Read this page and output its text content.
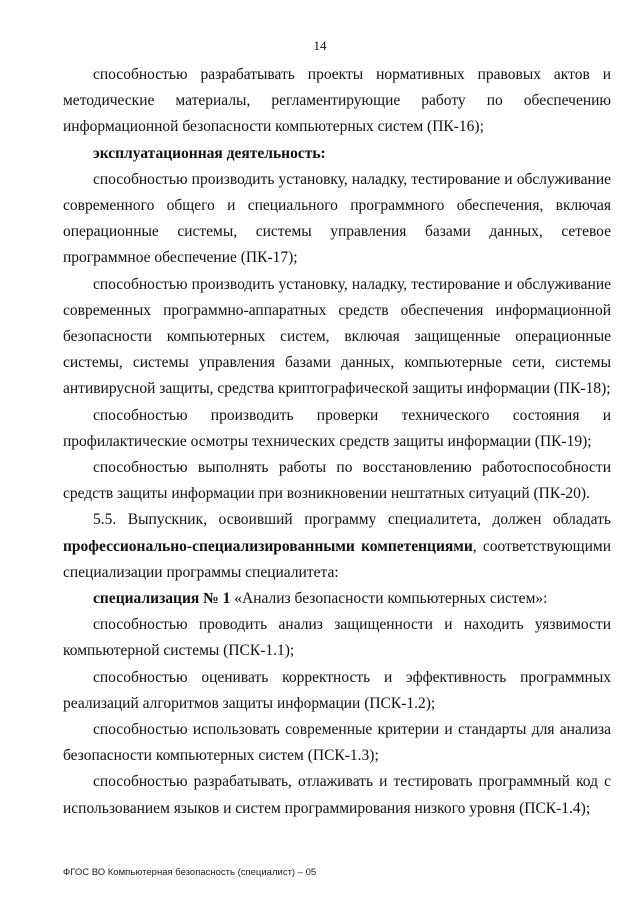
14

способностью разрабатывать проекты нормативных правовых актов и методические материалы, регламентирующие работу по обеспечению информационной безопасности компьютерных систем (ПК-16);

эксплуатационная деятельность:

способностью производить установку, наладку, тестирование и обслуживание современного общего и специального программного обеспечения, включая операционные системы, системы управления базами данных, сетевое программное обеспечение (ПК-17);

способностью производить установку, наладку, тестирование и обслуживание современных программно-аппаратных средств обеспечения информационной безопасности компьютерных систем, включая защищенные операционные системы, системы управления базами данных, компьютерные сети, системы антивирусной защиты, средства криптографической защиты информации (ПК-18);

способностью производить проверки технического состояния и профилактические осмотры технических средств защиты информации (ПК-19);

способностью выполнять работы по восстановлению работоспособности средств защиты информации при возникновении нештатных ситуаций (ПК-20).

5.5. Выпускник, освоивший программу специалитета, должен обладать профессионально-специализированными компетенциями, соответствующими специализации программы специалитета:

специализация № 1 «Анализ безопасности компьютерных систем»:

способностью проводить анализ защищенности и находить уязвимости компьютерной системы (ПСК-1.1);

способностью оценивать корректность и эффективность программных реализаций алгоритмов защиты информации (ПСК-1.2);

способностью использовать современные критерии и стандарты для анализа безопасности компьютерных систем (ПСК-1.3);

способностью разрабатывать, отлаживать и тестировать программный код с использованием языков и систем программирования низкого уровня (ПСК-1.4);

ФГОС ВО Компьютерная безопасность (специалист) – 05
